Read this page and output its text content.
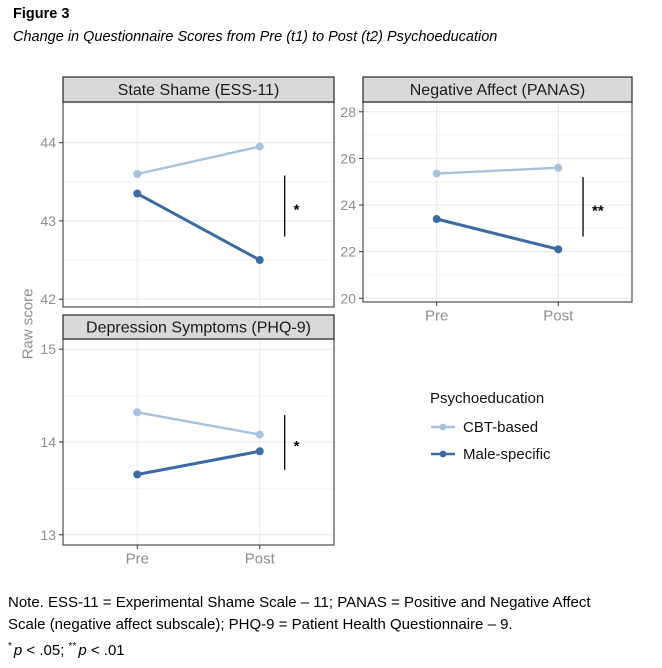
Figure 3
Change in Questionnaire Scores from Pre (t1) to Post (t2) Psychoeducation
State Shame (ESS-11)
42
43
44
*
Negative Affect (PANAS)
20
22
24
26
28
**
Pre	Post
Depression Symptoms (PHQ-9)
13
14
15
*
Pre	Post
Raw score
Psychoeducation
CBT-based
Male-specific
Note. ESS-11 = Experimental Shame Scale – 11; PANAS = Positive and Negative Affect
Scale (negative affect subscale); PHQ-9 = Patient Health Questionnaire – 9.
* p < .05; ** p < .01
